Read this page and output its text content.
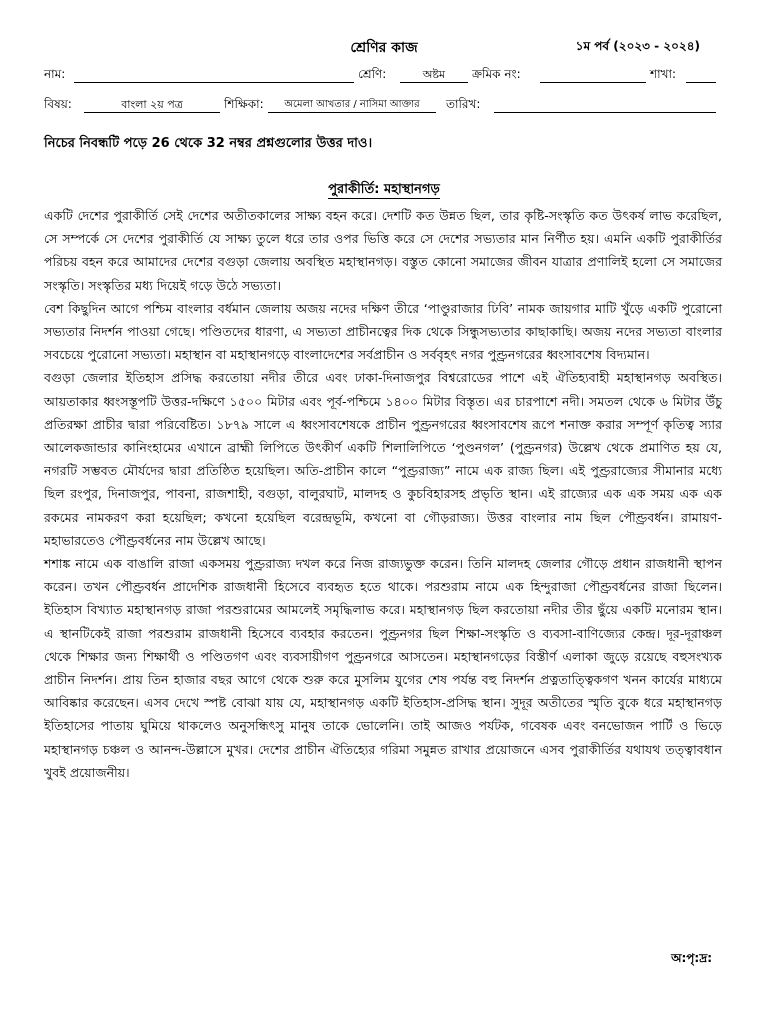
শ্রেণির কাজ	১ম পর্ব (২০২৩ - ২০২৪)
নাম:	শ্রেণি:	অষ্টম	ক্রমিক নং:	শাখা:
বিষয়:	বাংলা ২য় পত্র	শিক্ষিকা:	অমেলা আখতার / নাসিমা আক্তার	তারিখ:
নিচের নিবন্ধটি পড়ে 26 থেকে 32 নম্বর প্রশ্নগুলোর উত্তর দাও।
পুরাকীর্তি: মহাস্থানগড়

একটি দেশের পুরাকীর্তি সেই দেশের অতীতকালের সাক্ষ্য বহন করে। দেশটি কত উন্নত ছিল, তার কৃষ্টি-সংস্কৃতি কত উৎকর্ষ লাভ করেছিল, সে সম্পর্কে সে দেশের পুরাকীর্তি যে সাক্ষ্য তুলে ধরে তার ওপর ভিত্তি করে সে দেশের সভ্যতার মান নির্ণীত হয়। এমনি একটি পুরাকীর্তির পরিচয় বহন করে আমাদের দেশের বগুড়া জেলায় অবস্থিত মহাস্থানগড়। বস্তুত কোনো সমাজের জীবন যাত্রার প্রণালিই হলো সে সমাজের সংস্কৃতি। সংস্কৃতির মধ্য দিয়েই গড়ে উঠে সভ্যতা।

বেশ কিছুদিন আগে পশ্চিম বাংলার বর্ধমান জেলায় অজয় নদের দক্ষিণ তীরে ‘পাণ্ডুরাজার ঢিবি’ নামক জায়গার মাটি খুঁড়ে একটি পুরোনো সভ্যতার নিদর্শন পাওয়া গেছে। পণ্ডিতদের ধারণা, এ সভ্যতা প্রাচীনত্বের দিক থেকে সিন্ধুসভ্যতার কাছাকাছি। অজয় নদের সভ্যতা বাংলার সবচেয়ে পুরোনো সভ্যতা। মহাস্থান বা মহাস্থানগড়ে বাংলাদেশের সর্বপ্রাচীন ও সর্ববৃহৎ নগর পুণ্ড্রনগরের ধ্বংসাবশেষ বিদ্যমান।

বগুড়া জেলার ইতিহাস প্রসিদ্ধ করতোয়া নদীর তীরে এবং ঢাকা-দিনাজপুর বিশ্বরোডের পাশে এই ঐতিহ্যবাহী মহাস্থানগড় অবস্থিত। আয়তাকার ধ্বংসস্তূপটি উত্তর-দক্ষিণে ১৫০০ মিটার এবং পূর্ব-পশ্চিমে ১৪০০ মিটার বিস্তৃত। এর চারপাশে নদী। সমতল থেকে ৬ মিটার উঁচু প্রতিরক্ষা প্রাচীর দ্বারা পরিবেষ্টিত। ১৮৭৯ সালে এ ধ্বংসাবশেষকে প্রাচীন পুণ্ড্রনগরের ধ্বংসাবশেষ রূপে শনাক্ত করার সম্পূর্ণ কৃতিত্ব স্যার আলেকজান্ডার কানিংহামের এখানে ব্রাহ্মী লিপিতে উৎকীর্ণ একটি শিলালিপিতে ‘পুণ্ডনগল’ (পুণ্ড্রনগর) উল্লেখ থেকে প্রমাণিত হয় যে, নগরটি সম্ভবত মৌর্যদের দ্বারা প্রতিষ্ঠিত হয়েছিল। অতি-প্রাচীন কালে “পুণ্ড্ররাজ্য” নামে এক রাজ্য ছিল। এই পুণ্ড্ররাজ্যের সীমানার মধ্যে ছিল রংপুর, দিনাজপুর, পাবনা, রাজশাহী, বগুড়া, বালুরঘাট, মালদহ ও কুচবিহারসহ প্রভৃতি স্থান। এই রাজ্যের এক এক সময় এক এক রকমের নামকরণ করা হয়েছিল; কখনো হয়েছিল বরেন্দ্রভূমি, কখনো বা গৌড়রাজ্য। উত্তর বাংলার নাম ছিল পৌণ্ড্রবর্ধন। রামায়ণ-মহাভারতেও পৌণ্ড্রবর্ধনের নাম উল্লেখ আছে।

শশাঙ্ক নামে এক বাঙালি রাজা একসময় পুণ্ড্ররাজ্য দখল করে নিজ রাজ্যভুক্ত করেন। তিনি মালদহ জেলার গৌড়ে প্রধান রাজধানী স্থাপন করেন। তখন পৌণ্ড্রবর্ধন প্রাদেশিক রাজধানী হিসেবে ব্যবহৃত হতে থাকে। পরশুরাম নামে এক হিন্দুরাজা পৌণ্ড্রবর্ধনের রাজা ছিলেন। ইতিহাস বিখ্যাত মহাস্থানগড় রাজা পরশুরামের আমলেই সমৃদ্ধিলাভ করে। মহাস্থানগড় ছিল করতোয়া নদীর তীর ছুঁয়ে একটি মনোরম স্থান। এ স্থানটিকেই রাজা পরশুরাম রাজধানী হিসেবে ব্যবহার করতেন। পুণ্ড্রনগর ছিল শিক্ষা-সংস্কৃতি ও ব্যবসা-বাণিজ্যের কেন্দ্র। দূর-দূরাঞ্চল থেকে শিক্ষার জন্য শিক্ষার্থী ও পণ্ডিতগণ এবং ব্যবসায়ীগণ পুণ্ড্রনগরে আসতেন। মহাস্থানগড়ের বিস্তীর্ণ এলাকা জুড়ে রয়েছে বহুসংখ্যক প্রাচীন নিদর্শন। প্রায় তিন হাজার বছর আগে থেকে শুরু করে মুসলিম যুগের শেষ পর্যন্ত বহু নিদর্শন প্রত্নতাত্ত্বিকগণ খনন কার্যের মাধ্যমে আবিষ্কার করেছেন। এসব দেখে স্পষ্ট বোঝা যায় যে, মহাস্থানগড় একটি ইতিহাস-প্রসিদ্ধ স্থান। সুদূর অতীতের স্মৃতি বুকে ধরে মহাস্থানগড় ইতিহাসের পাতায় ঘুমিয়ে থাকলেও অনুসন্ধিৎসু মানুষ তাকে ভোলেনি। তাই আজও পর্যটক, গবেষক এবং বনভোজন পার্টি ও ভিড়ে মহাস্থানগড় চঞ্চল ও আনন্দ-উল্লাসে মুখর। দেশের প্রাচীন ঐতিহ্যের গরিমা সমুন্নত রাখার প্রয়োজনে এসব পুরাকীর্তির যথাযথ তত্ত্বাবধান খুবই প্রয়োজনীয়।

অ:পৃ:দ্র:
